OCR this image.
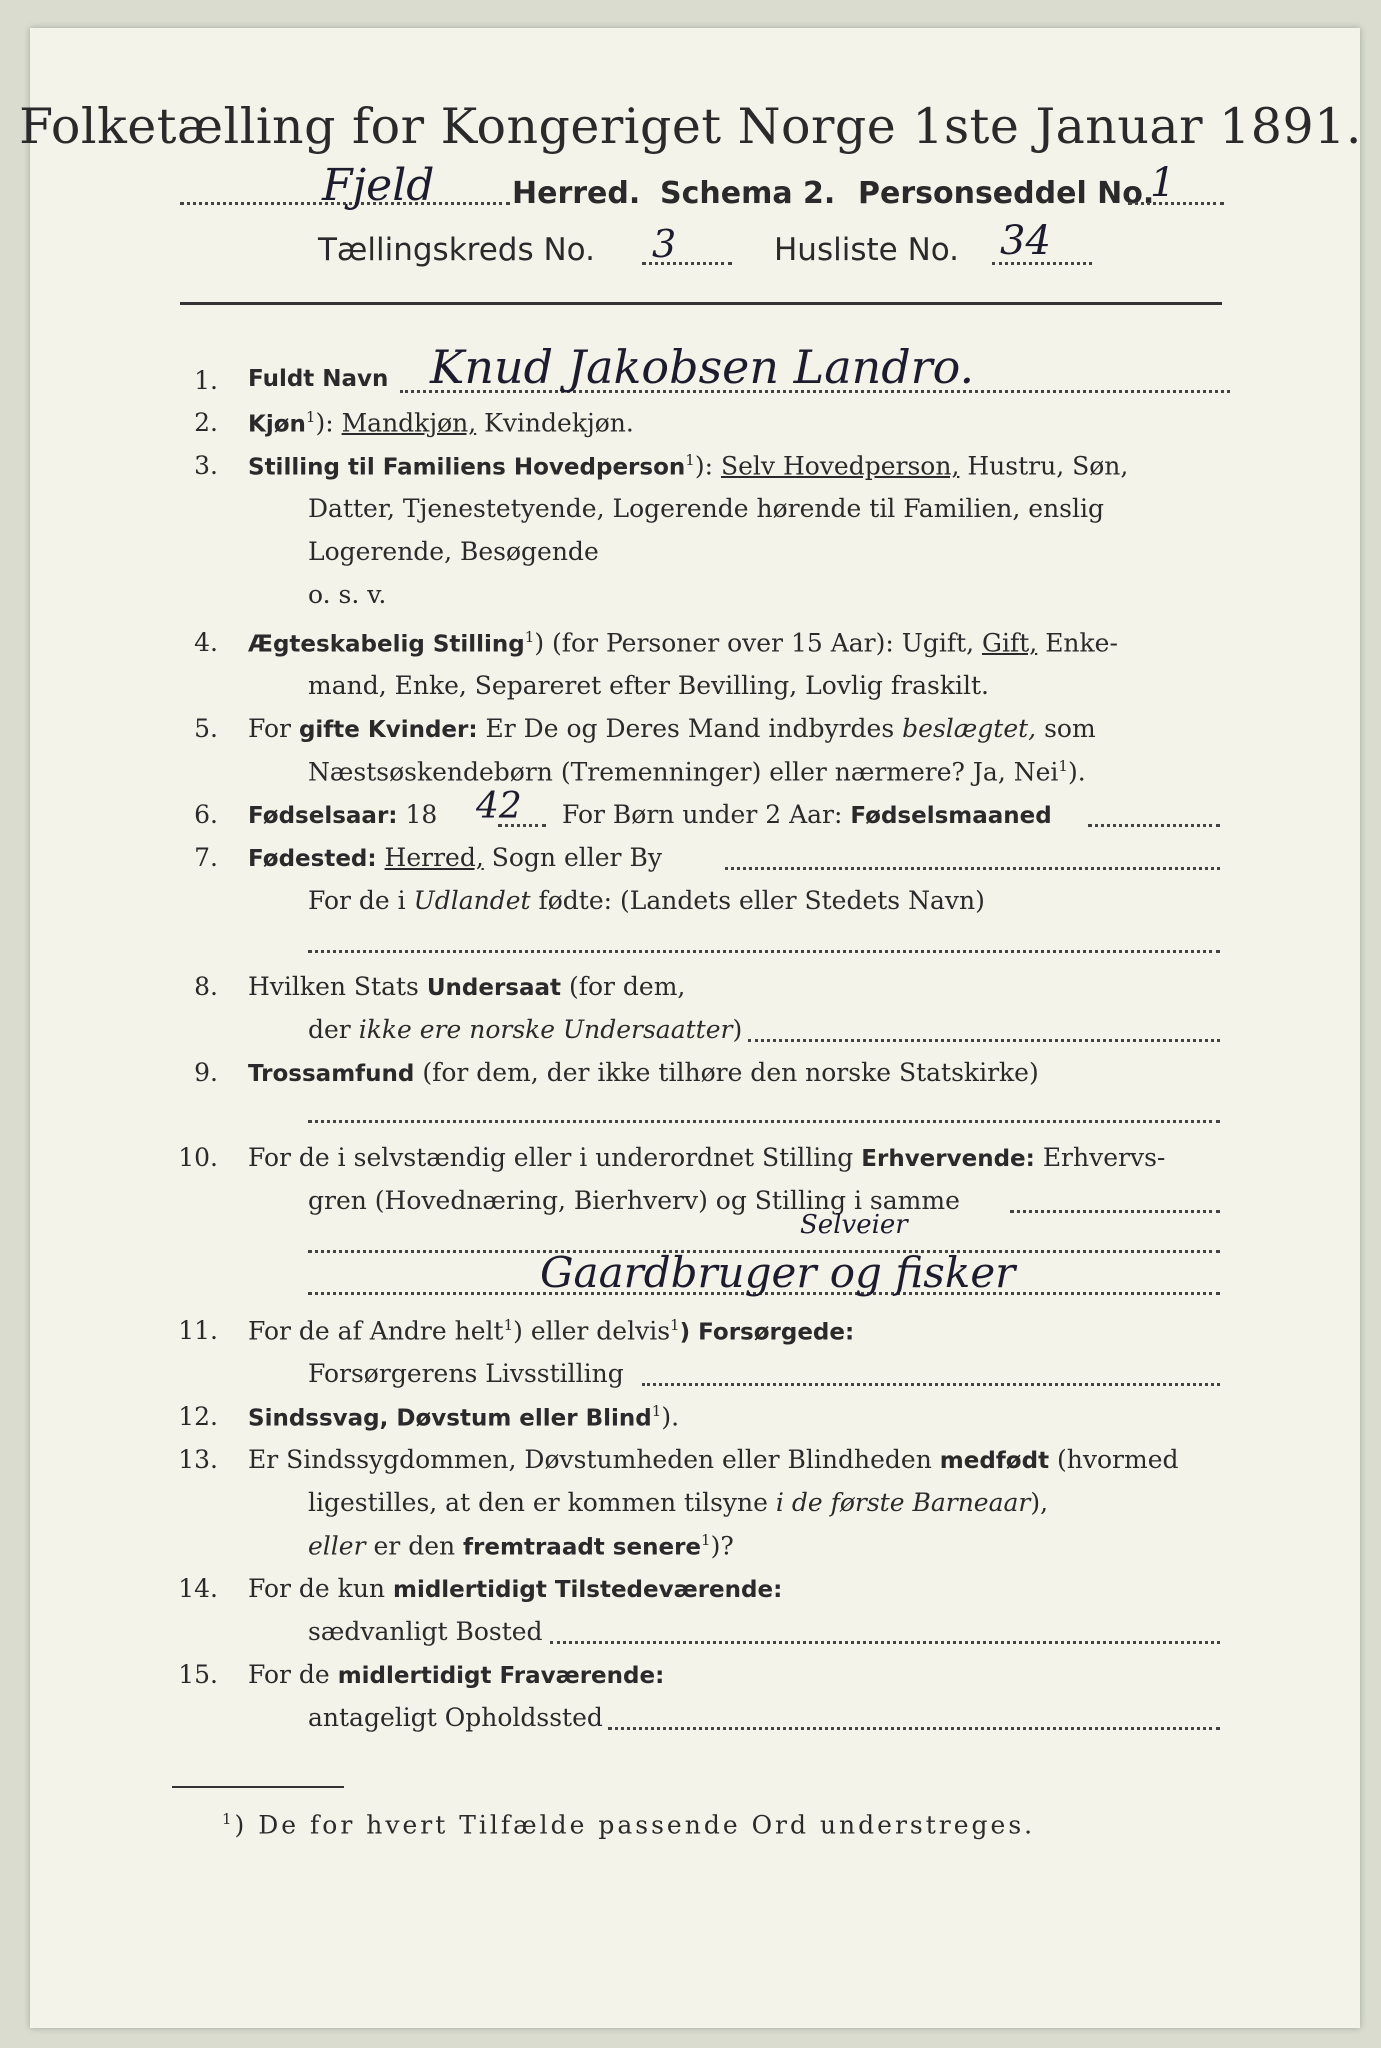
Folketælling for Kongeriget Norge 1ste Januar 1891.
Fjeld	Herred. Schema 2. Personseddel No.
1
Tællingskreds No. 3	Husliste No. 34
1. Fuldt Navn Knud Jakobsen Landro.
2. Kjøn$^1$): Mandkjøn, Kvindekjøn.
3. Stilling til Familiens Hovedperson$^1$): Selv Hovedperson, Hustru, Søn,
Datter, Tjenestetyende, Logerende hørende til Familien, enslig
Logerende, Besøgende
o. s. v.
4. Ægteskabelig Stilling$^1$) (for Personer over 15 Aar): Ugift, Gift, Enke-
mand, Enke, Separeret efter Bevilling, Lovlig fraskilt.
5. For gifte Kvinder: Er De og Deres Mand indbyrdes beslægtet, som
Næstsøskendebørn (Tremenninger) eller nærmere? Ja, Nei$^1$).
6. Fødselsaar: 18 42 For Børn under 2 Aar: Fødselsmaaned
7. Fødested: Herred, Sogn eller By
For de i Udlandet fødte: (Landets eller Stedets Navn)
8. Hvilken Stats Undersaat (for dem,
der ikke ere norske Undersaatter)
9. Trossamfund (for dem, der ikke tilhøre den norske Statskirke)
10. For de i selvstændig eller i underordnet Stilling Erhvervende: Erhvervs-
gren (Hovednæring, Bierhverv) og Stilling i samme
Selveier
Gaardbruger og fisker
11. For de af Andre helt$^1$) eller delvis$^1$) Forsørgede:
Forsørgerens Livsstilling
12. Sindssvag, Døvstum eller Blind$^1$).
13. Er Sindssygdommen, Døvstumheden eller Blindheden medfødt (hvormed
ligestilles, at den er kommen tilsyne i de første Barneaar),
eller er den fremtraadt senere$^1$)?
14. For de kun midlertidigt Tilstedeværende:
sædvanligt Bosted
15. For de midlertidigt Fraværende:
antageligt Opholdssted
$^1$) De for hvert Tilfælde passende Ord understreges.
